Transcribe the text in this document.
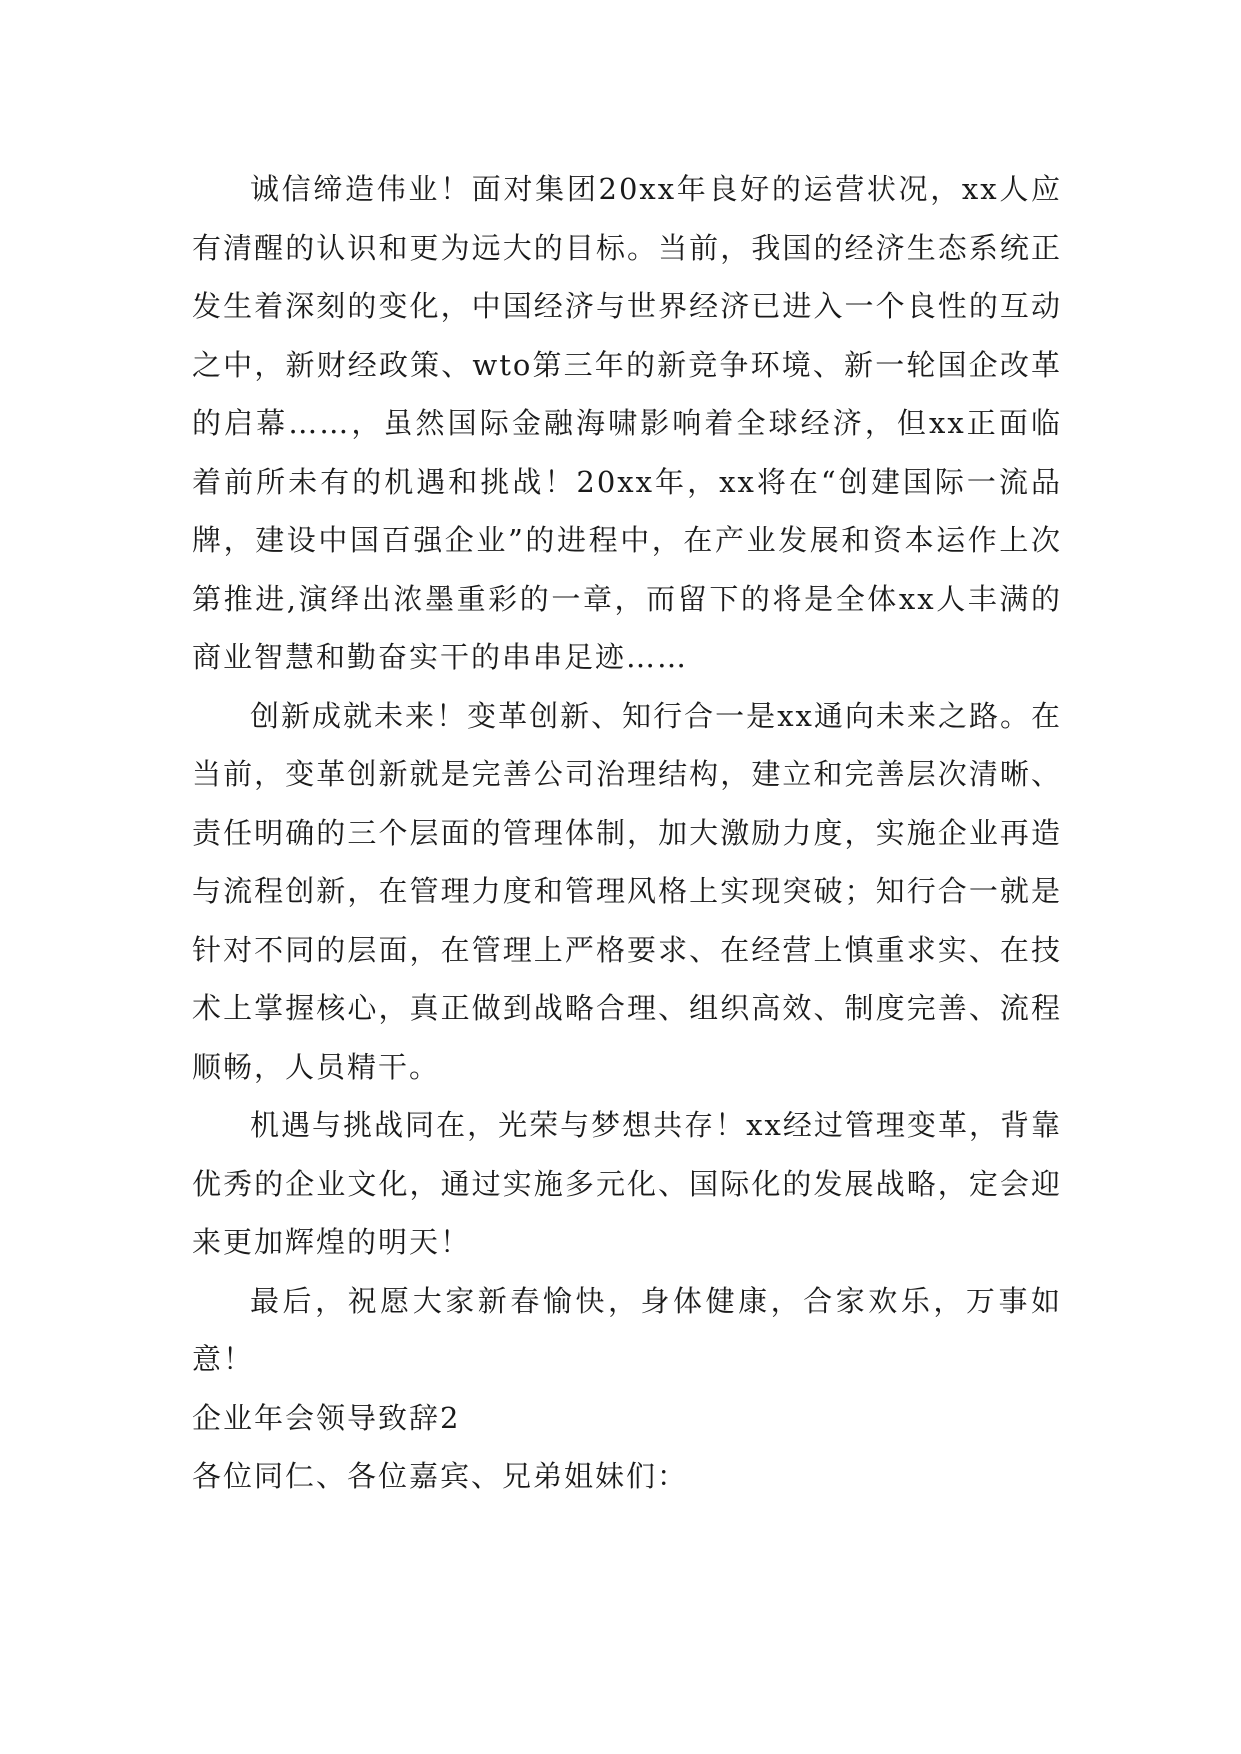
诚信缔造伟业！面对集团20xx年良好的运营状况，xx人应有清醒的认识和更为远大的目标。当前，我国的经济生态系统正发生着深刻的变化，中国经济与世界经济已进入一个良性的互动之中，新财经政策、wto第三年的新竞争环境、新一轮国企改革的启幕……，虽然国际金融海啸影响着全球经济，但xx正面临着前所未有的机遇和挑战！20xx年，xx将在“创建国际一流品牌，建设中国百强企业”的进程中，在产业发展和资本运作上次第推进,演绎出浓墨重彩的一章，而留下的将是全体xx人丰满的商业智慧和勤奋实干的串串足迹……

创新成就未来！变革创新、知行合一是xx通向未来之路。在当前，变革创新就是完善公司治理结构，建立和完善层次清晰、责任明确的三个层面的管理体制，加大激励力度，实施企业再造与流程创新，在管理力度和管理风格上实现突破；知行合一就是针对不同的层面，在管理上严格要求、在经营上慎重求实、在技术上掌握核心，真正做到战略合理、组织高效、制度完善、流程顺畅，人员精干。

机遇与挑战同在，光荣与梦想共存！xx经过管理变革，背靠优秀的企业文化，通过实施多元化、国际化的发展战略，定会迎来更加辉煌的明天！

最后，祝愿大家新春愉快，身体健康，合家欢乐，万事如意！

企业年会领导致辞2

各位同仁、各位嘉宾、兄弟姐妹们：
